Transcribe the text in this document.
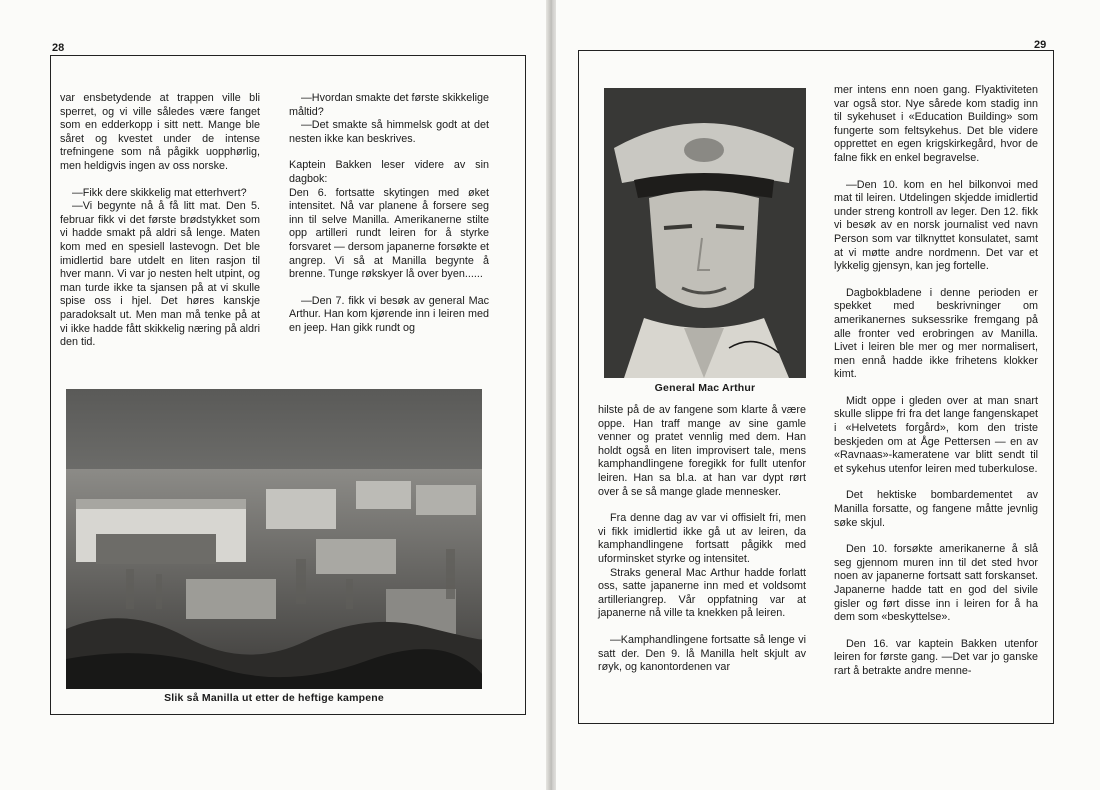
28

var ensbetydende at trappen ville bli sperret, og vi ville således være fanget som en edderkopp i sitt nett. Mange ble såret og kvestet under de intense trefningene som nå pågikk uopphørlig, men heldigvis ingen av oss norske.

—Fikk dere skikkelig mat etterhvert?

—Vi begynte nå å få litt mat. Den 5. februar fikk vi det første brødstykket som vi hadde smakt på aldri så lenge. Maten kom med en spesiell lastevogn. Det ble imidlertid bare utdelt en liten rasjon til hver mann. Vi var jo nesten helt utpint, og man turde ikke ta sjansen på at vi skulle spise oss i hjel. Det høres kanskje paradoksalt ut. Men man må tenke på at vi ikke hadde fått skikkelig næring på aldri den tid.

—Hvordan smakte det første skikkelige måltid?

—Det smakte så himmelsk godt at det nesten ikke kan beskrives.

Kaptein Bakken leser videre av sin dagbok:

Den 6. fortsatte skytingen med øket intensitet. Nå var planene å forsere seg inn til selve Manilla. Amerikanerne stilte opp artilleri rundt leiren for å styrke forsvaret — dersom japanerne forsøkte et angrep. Vi så at Manilla begynte å brenne. Tunge røkskyer lå over byen......

—Den 7. fikk vi besøk av general Mac Arthur. Han kom kjørende inn i leiren med en jeep. Han gikk rundt og

Slik så Manilla ut etter de heftige kampene
29
General Mac Arthur

hilste på de av fangene som klarte å være oppe. Han traff mange av sine gamle venner og pratet vennlig med dem. Han holdt også en liten improvisert tale, mens kamphandlingene foregikk for fullt utenfor leiren. Han sa bl.a. at han var dypt rørt over å se så mange glade mennesker.

Fra denne dag av var vi offisielt fri, men vi fikk imidlertid ikke gå ut av leiren, da kamphandlingene fortsatt pågikk med uforminsket styrke og intensitet.

Straks general Mac Arthur hadde forlatt oss, satte japanerne inn med et voldsomt artilleriangrep. Vår oppfatning var at japanerne nå ville ta knekken på leiren.

—Kamphandlingene fortsatte så lenge vi satt der. Den 9. lå Manilla helt skjult av røyk, og kanontordenen var

mer intens enn noen gang. Flyaktiviteten var også stor. Nye sårede kom stadig inn til sykehuset i «Education Building» som fungerte som feltsykehus. Det ble videre opprettet en egen krigskirkegård, hvor de falne fikk en enkel begravelse.

—Den 10. kom en hel bilkonvoi med mat til leiren. Utdelingen skjedde imidlertid under streng kontroll av leger. Den 12. fikk vi besøk av en norsk journalist ved navn Person som var tilknyttet konsulatet, samt at vi møtte andre nordmenn. Det var et lykkelig gjensyn, kan jeg fortelle.

Dagbokbladene i denne perioden er spekket med beskrivninger om amerikanernes suksessrike fremgang på alle fronter ved erobringen av Manilla. Livet i leiren ble mer og mer normalisert, men ennå hadde ikke frihetens klokker kimt.

Midt oppe i gleden over at man snart skulle slippe fri fra det lange fangenskapet i «Helvetets forgård», kom den triste beskjeden om at Åge Pettersen — en av «Ravnaas»-kameratene var blitt sendt til et sykehus utenfor leiren med tuberkulose.

Det hektiske bombardementet av Manilla forsatte, og fangene måtte jevnlig søke skjul.

Den 10. forsøkte amerikanerne å slå seg gjennom muren inn til det sted hvor noen av japanerne fortsatt satt forskanset. Japanerne hadde tatt en god del sivile gisler og ført disse inn i leiren for å ha dem som «beskyttelse».

Den 16. var kaptein Bakken utenfor leiren for første gang. —Det var jo ganske rart å betrakte andre menne-
